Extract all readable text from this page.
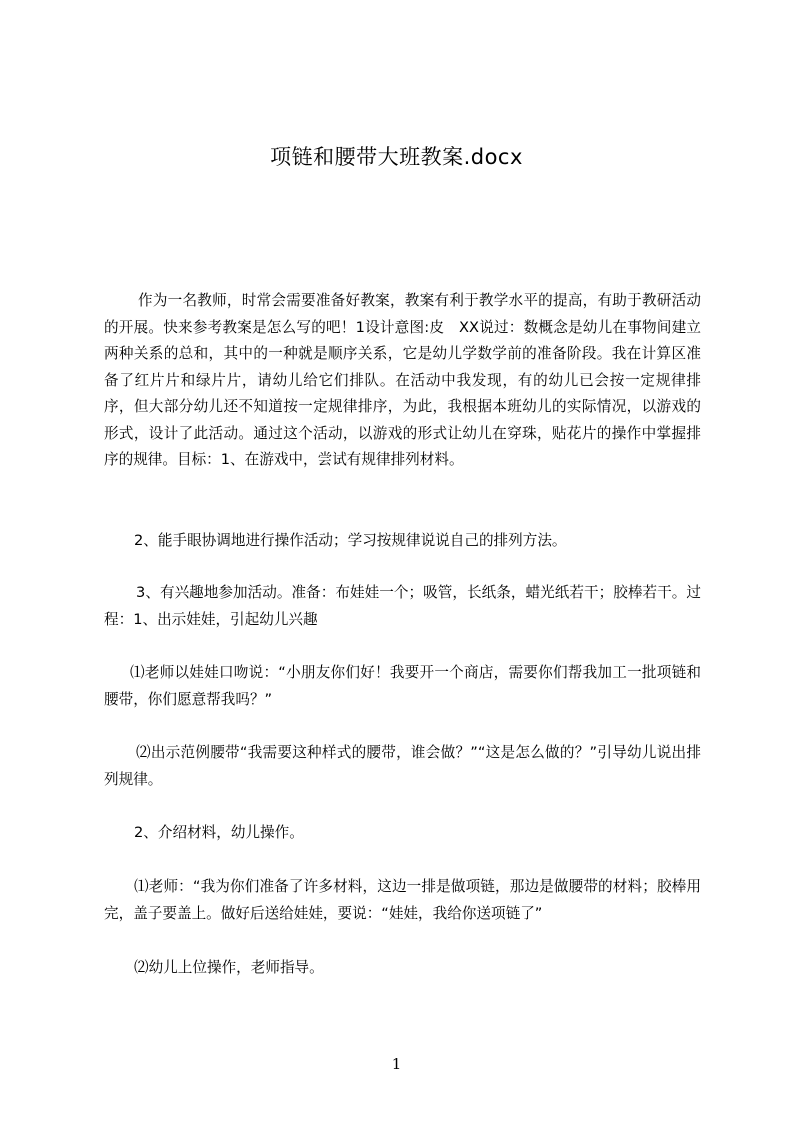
项链和腰带大班教案.docx

作为一名教师，时常会需要准备好教案，教案有利于教学水平的提高，有助于教研活动的开展。快来参考教案是怎么写的吧！1设计意图:皮　XX说过：数概念是幼儿在事物间建立两种关系的总和，其中的一种就是顺序关系，它是幼儿学数学前的准备阶段。我在计算区准备了红片片和绿片片，请幼儿给它们排队。在活动中我发现，有的幼儿已会按一定规律排序，但大部分幼儿还不知道按一定规律排序，为此，我根据本班幼儿的实际情况，以游戏的形式，设计了此活动。通过这个活动，以游戏的形式让幼儿在穿珠，贴花片的操作中掌握排序的规律。目标：1、在游戏中，尝试有规律排列材料。

2、能手眼协调地进行操作活动；学习按规律说说自己的排列方法。

3、有兴趣地参加活动。准备：布娃娃一个；吸管，长纸条，蜡光纸若干；胶棒若干。过程：1、出示娃娃，引起幼儿兴趣

⑴老师以娃娃口吻说：“小朋友你们好！我要开一个商店，需要你们帮我加工一批项链和腰带，你们愿意帮我吗？”

⑵出示范例腰带“我需要这种样式的腰带，谁会做？”“这是怎么做的？”引导幼儿说出排列规律。

2、介绍材料，幼儿操作。

⑴老师：“我为你们准备了许多材料，这边一排是做项链，那边是做腰带的材料；胶棒用完，盖子要盖上。做好后送给娃娃，要说：“娃娃，我给你送项链了”

⑵幼儿上位操作，老师指导。

1
